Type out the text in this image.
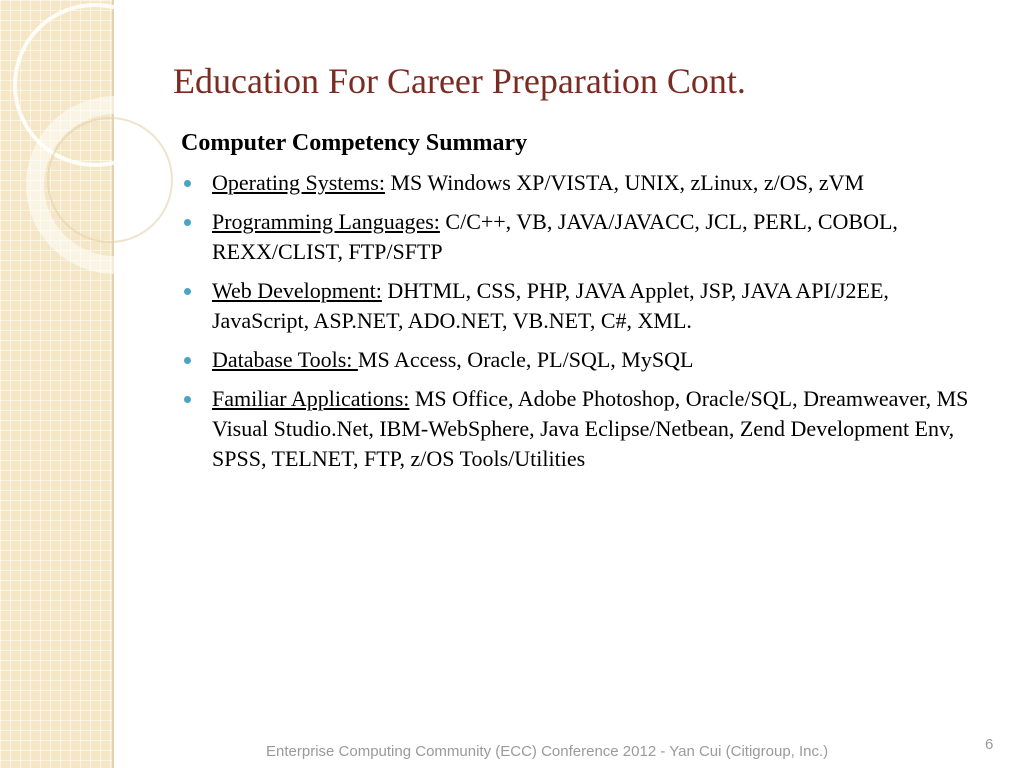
Education For Career Preparation Cont.

Computer Competency Summary

Operating Systems: MS Windows XP/VISTA, UNIX, zLinux, z/OS, zVM
Programming Languages: C/C++, VB, JAVA/JAVACC, JCL, PERL, COBOL, REXX/CLIST, FTP/SFTP
Web Development: DHTML, CSS, PHP, JAVA Applet, JSP, JAVA API/J2EE, JavaScript, ASP.NET, ADO.NET, VB.NET, C#, XML.
Database Tools: MS Access, Oracle, PL/SQL, MySQL
Familiar Applications: MS Office, Adobe Photoshop, Oracle/SQL, Dreamweaver, MS Visual Studio.Net, IBM-WebSphere, Java Eclipse/Netbean, Zend Development Env, SPSS, TELNET, FTP, z/OS Tools/Utilities
Enterprise Computing Community (ECC) Conference 2012 - Yan Cui (Citigroup, Inc.)	6
